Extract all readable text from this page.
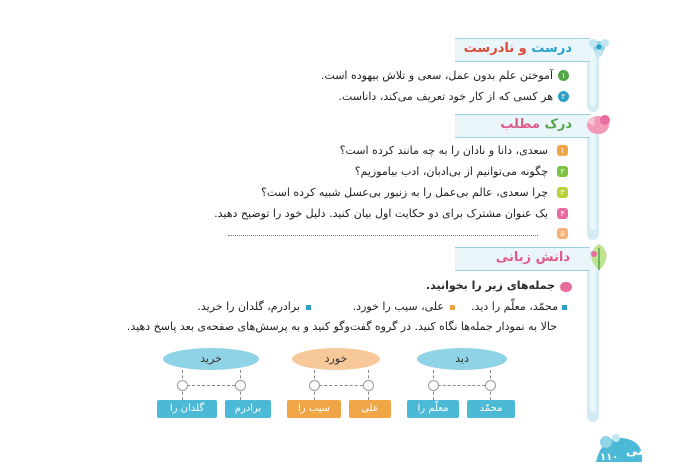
درست و نادرست
۱
آموختن علم بدون عمل، سعی و تلاش بیهوده است.
۲
هر کسی که از کار خود تعریف می‌کند، داناست.
درک مطلب
۱
سعدی، دانا و نادان را به چه مانند کرده است؟
۲
چگونه می‌توانیم از بی‌ادبان، ادب بیاموزیم؟
۳
چرا سعدی، عالم بی‌عمل را به زنبور بی‌عسل شبیه کرده است؟
۴
یک عنوان مشترک برای دو حکایت اول بیان کنید. دلیل خود را توضیح دهید.
۵
دانش زبانی
جمله‌های زیر را بخوانید.
محمّد، معلّم را دید.
علی، سیب را خورد.
برادرم، گلدان را خرید.
حالا به نمودار جمله‌ها نگاه کنید. در گروه گفت‌وگو کنید و به پرسش‌های صفحه‌ی بعد پاسخ دهید.
خرید	خورد	دید
گلدان را	برادرم	سیب را	علی	معلّم را	محمّد
فارسی
۱۱۰
